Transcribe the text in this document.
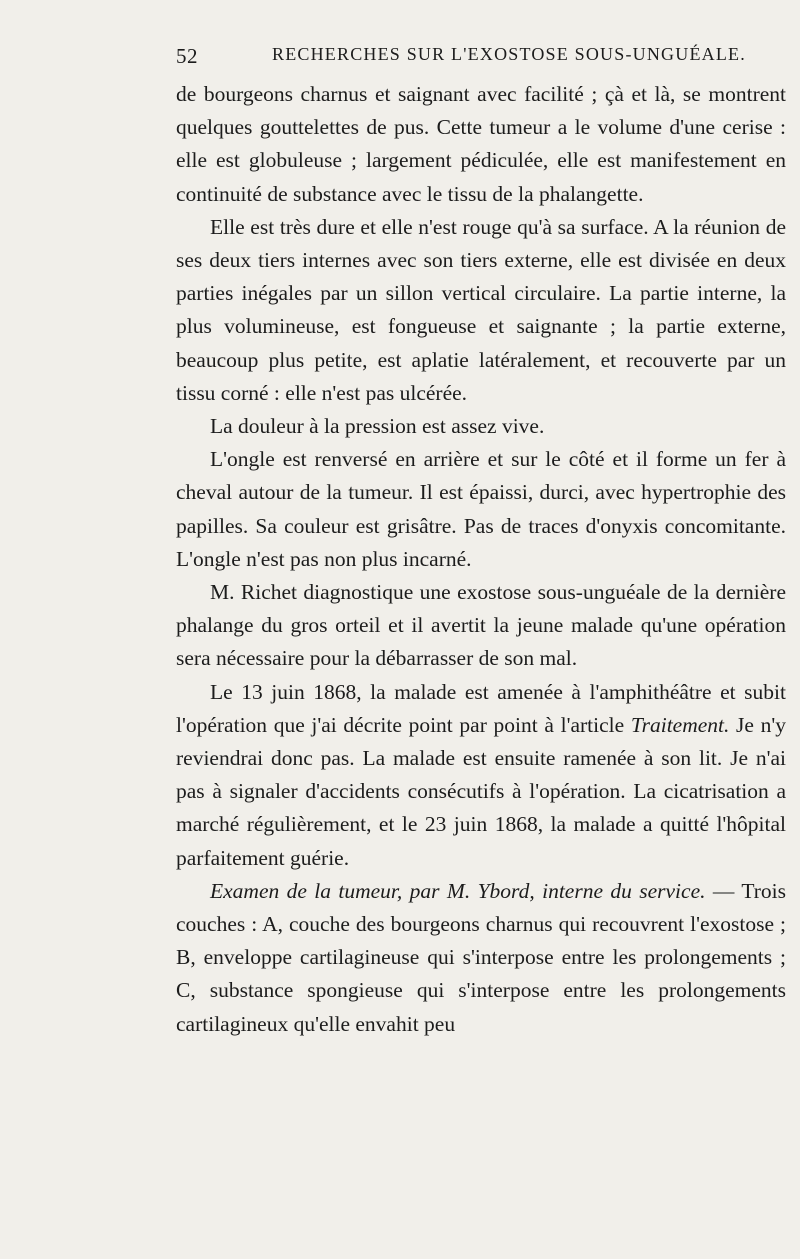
52	RECHERCHES SUR L'EXOSTOSE SOUS-UNGUÉALE.

de bourgeons charnus et saignant avec facilité ; çà et là, se montrent quelques gouttelettes de pus. Cette tumeur a le volume d'une cerise : elle est globuleuse ; largement pédiculée, elle est manifestement en continuité de substance avec le tissu de la phalangette.

Elle est très dure et elle n'est rouge qu'à sa surface. A la réunion de ses deux tiers internes avec son tiers externe, elle est divisée en deux parties inégales par un sillon vertical circulaire. La partie interne, la plus volumineuse, est fongueuse et saignante ; la partie externe, beaucoup plus petite, est aplatie latéralement, et recouverte par un tissu corné : elle n'est pas ulcérée.

La douleur à la pression est assez vive.

L'ongle est renversé en arrière et sur le côté et il forme un fer à cheval autour de la tumeur. Il est épaissi, durci, avec hypertrophie des papilles. Sa couleur est grisâtre. Pas de traces d'onyxis concomitante. L'ongle n'est pas non plus incarné.

M. Richet diagnostique une exostose sous-unguéale de la dernière phalange du gros orteil et il avertit la jeune malade qu'une opération sera nécessaire pour la débarrasser de son mal.

Le 13 juin 1868, la malade est amenée à l'amphithéâtre et subit l'opération que j'ai décrite point par point à l'article Traitement. Je n'y reviendrai donc pas. La malade est ensuite ramenée à son lit. Je n'ai pas à signaler d'accidents consécutifs à l'opération. La cicatrisation a marché régulièrement, et le 23 juin 1868, la malade a quitté l'hôpital parfaitement guérie.

Examen de la tumeur, par M. Ybord, interne du service. — Trois couches : A, couche des bourgeons charnus qui recouvrent l'exostose ; B, enveloppe cartilagineuse qui s'interpose entre les prolongements ; C, substance spongieuse qui s'interpose entre les prolongements cartilagineux qu'elle envahit peu
